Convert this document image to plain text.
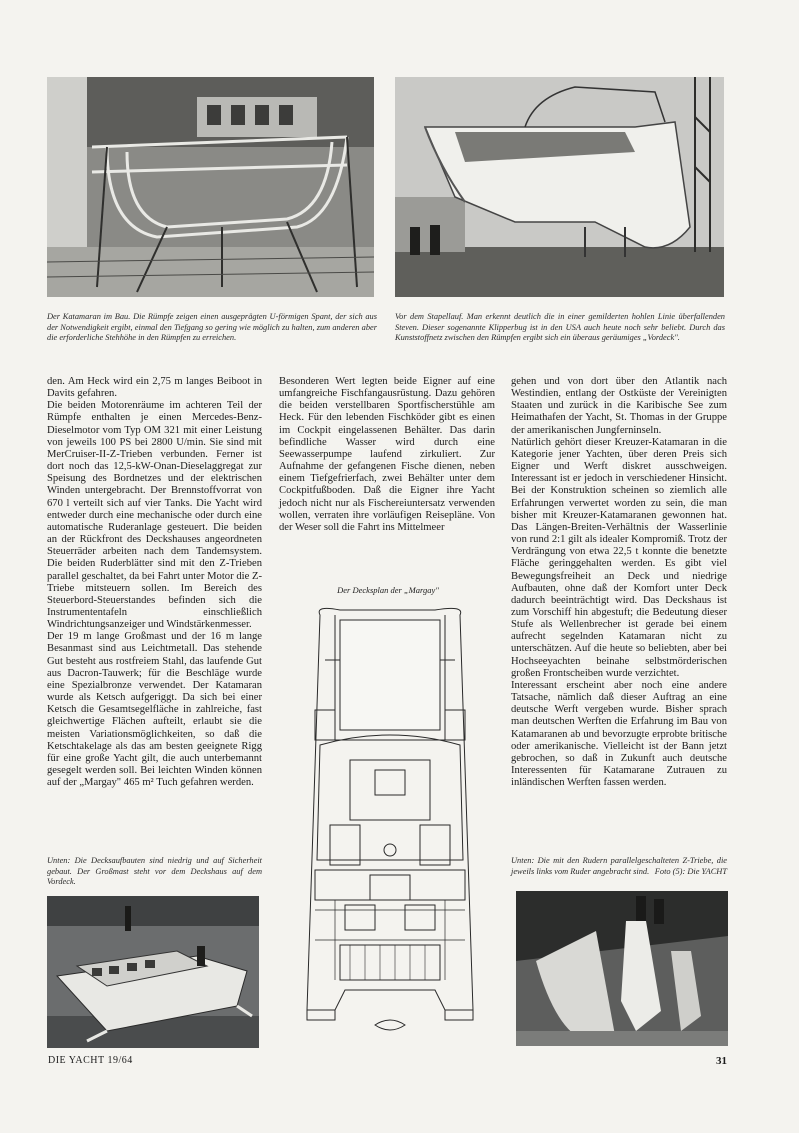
Der Katamaran im Bau. Die Rümpfe zeigen einen ausgeprägten U-förmigen Spant, der sich aus der Notwendigkeit ergibt, einmal den Tiefgang so gering wie möglich zu halten, zum anderen aber die erforderliche Stehhöhe in den Rümpfen zu erreichen.
Vor dem Stapellauf. Man erkennt deutlich die in einer gemilderten hohlen Linie überfallenden Steven. Dieser sogenannte Klipperbug ist in den USA auch heute noch sehr beliebt. Durch das Kunststoffnetz zwischen den Rümpfen ergibt sich ein überaus geräumiges „Vordeck".

den. Am Heck wird ein 2,75 m langes Beiboot in Davits gefahren.

Die beiden Motorenräume im achteren Teil der Rümpfe enthalten je einen Mercedes-Benz-Dieselmotor vom Typ OM 321 mit einer Leistung von jeweils 100 PS bei 2800 U/min. Sie sind mit MerCruiser-II-Z-Trieben verbunden. Ferner ist dort noch das 12,5-kW-Onan-Dieselaggregat zur Speisung des Bordnetzes und der elektrischen Winden untergebracht. Der Brennstoffvorrat von 670 l verteilt sich auf vier Tanks. Die Yacht wird entweder durch eine mechanische oder durch eine automatische Ruderanlage gesteuert. Die beiden an der Rückfront des Deckshauses angeordneten Steuerräder arbeiten nach dem Tandemsystem. Die beiden Ruderblätter sind mit den Z-Trieben parallel geschaltet, da bei Fahrt unter Motor die Z-Triebe mitsteuern sollen. Im Bereich des Steuerbord-Steuerstandes befinden sich die Instrumententafeln einschließlich Windrichtungsanzeiger und Windstärkenmesser.

Der 19 m lange Großmast und der 16 m lange Besanmast sind aus Leichtmetall. Das stehende Gut besteht aus rostfreiem Stahl, das laufende Gut aus Dacron-Tauwerk; für die Beschläge wurde eine Spezialbronze verwendet. Der Katamaran wurde als Ketsch aufgeriggt. Da sich bei einer Ketsch die Gesamtsegelfläche in zahlreiche, fast gleichwertige Flächen aufteilt, erlaubt sie die meisten Variationsmöglichkeiten, so daß die Ketschtakelage als das am besten geeignete Rigg für eine große Yacht gilt, die auch unterbemannt gesegelt werden soll. Bei leichten Winden können auf der „Margay" 465 m² Tuch gefahren werden.

Besonderen Wert legten beide Eigner auf eine umfangreiche Fischfangausrüstung. Dazu gehören die beiden verstellbaren Sportfischerstühle am Heck. Für den lebenden Fischköder gibt es einen im Cockpit eingelassenen Behälter. Das darin befindliche Wasser wird durch eine Seewasserpumpe laufend zirkuliert. Zur Aufnahme der gefangenen Fische dienen, neben einem Tiefgefrierfach, zwei Behälter unter dem Cockpitfußboden. Daß die Eigner ihre Yacht jedoch nicht nur als Fischereiuntersatz verwenden wollen, verraten ihre vorläufigen Reisepläne. Von der Weser soll die Fahrt ins Mittelmeer

gehen und von dort über den Atlantik nach Westindien, entlang der Ostküste der Vereinigten Staaten und zurück in die Karibische See zum Heimathafen der Yacht, St. Thomas in der Gruppe der amerikanischen Jungferninseln.

Natürlich gehört dieser Kreuzer-Katamaran in die Kategorie jener Yachten, über deren Preis sich Eigner und Werft diskret ausschweigen. Interessant ist er jedoch in verschiedener Hinsicht. Bei der Konstruktion scheinen so ziemlich alle Erfahrungen verwertet worden zu sein, die man bisher mit Kreuzer-Katamaranen gewonnen hat. Das Längen-Breiten-Verhältnis der Wasserlinie von rund 2:1 gilt als idealer Kompromiß. Trotz der Verdrängung von etwa 22,5 t konnte die benetzte Fläche geringgehalten werden. Es gibt viel Bewegungsfreiheit an Deck und niedrige Aufbauten, ohne daß der Komfort unter Deck dadurch beeinträchtigt wird. Das Deckshaus ist zum Vorschiff hin abgestuft; die Bedeutung dieser Stufe als Wellenbrecher ist gerade bei einem aufrecht segelnden Katamaran nicht zu unterschätzen. Auf die heute so beliebten, aber bei Hochseeyachten beinahe selbstmörderischen großen Frontscheiben wurde verzichtet.

Interessant erscheint aber noch eine andere Tatsache, nämlich daß dieser Auftrag an eine deutsche Werft vergeben wurde. Bisher sprach man deutschen Werften die Erfahrung im Bau von Katamaranen ab und bevorzugte erprobte britische oder amerikanische. Vielleicht ist der Bann jetzt gebrochen, so daß in Zukunft auch deutsche Interessenten für Katamarane Zutrauen zu inländischen Werften fassen werden.

Der Decksplan der „Margay"
Unten: Die Decksaufbauten sind niedrig und auf Sicherheit gebaut. Der Großmast steht vor dem Deckshaus auf dem Vordeck.
Unten: Die mit den Rudern parallelgeschalteten Z-Triebe, die jeweils links vom Ruder angebracht sind. Foto (5): Die YACHT
DIE YACHT 19/64	31
